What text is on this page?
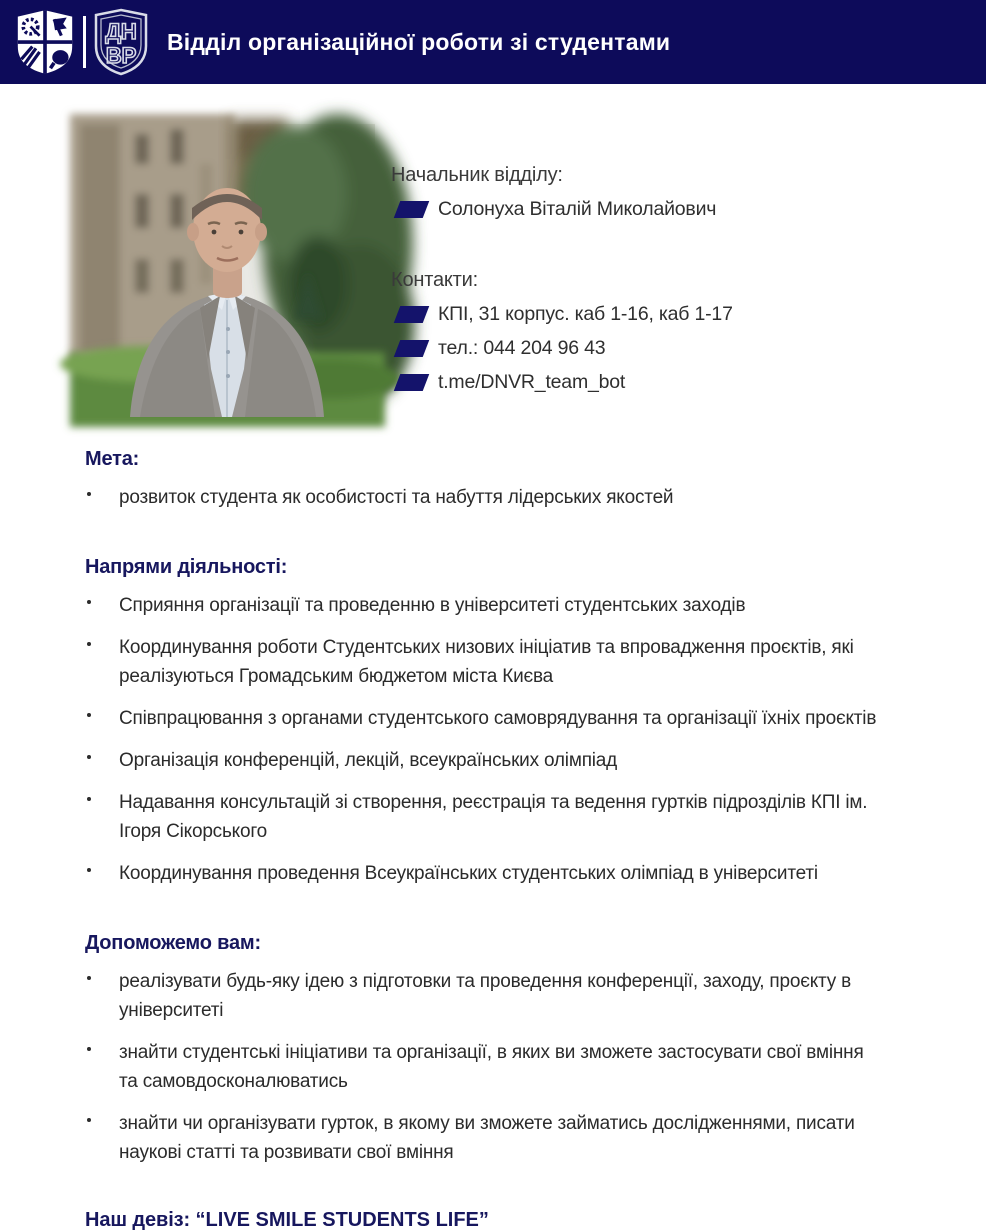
ДН
ВР
Відділ організаційної роботи зі студентами
Начальник відділу:
Солонуха Віталій Миколайович
Контакти:
КПІ, 31 корпус. каб 1-16, каб 1-17
тел.: 044 204 96 43
t.me/DNVR_team_bot
Мета:
розвиток студента як особистості та набуття лідерських якостей
Напрями діяльності:
Сприяння організації та проведенню в університеті студентських заходів
Координування роботи Студентських низових ініціатив та впровадження проєктів, які реалізуються Громадським бюджетом міста Києва
Співпрацювання з органами студентського самоврядування та організації їхніх проєктів
Організація конференцій, лекцій, всеукраїнських олімпіад
Надавання консультацій зі створення, реєстрація та ведення гуртків підрозділів КПІ ім. Ігоря Сікорського
Координування проведення Всеукраїнських студентських олімпіад в університеті
Допоможемо вам:
реалізувати будь-яку ідею з підготовки та проведення конференції, заходу, проєкту в університеті
знайти студентські ініціативи та організації, в яких ви зможете застосувати свої вміння та самовдосконалюватись
знайти чи організувати гурток, в якому ви зможете займатись дослідженнями, писати наукові статті та розвивати свої вміння
Наш девіз: “LIVE SMILE STUDENTS LIFE”
